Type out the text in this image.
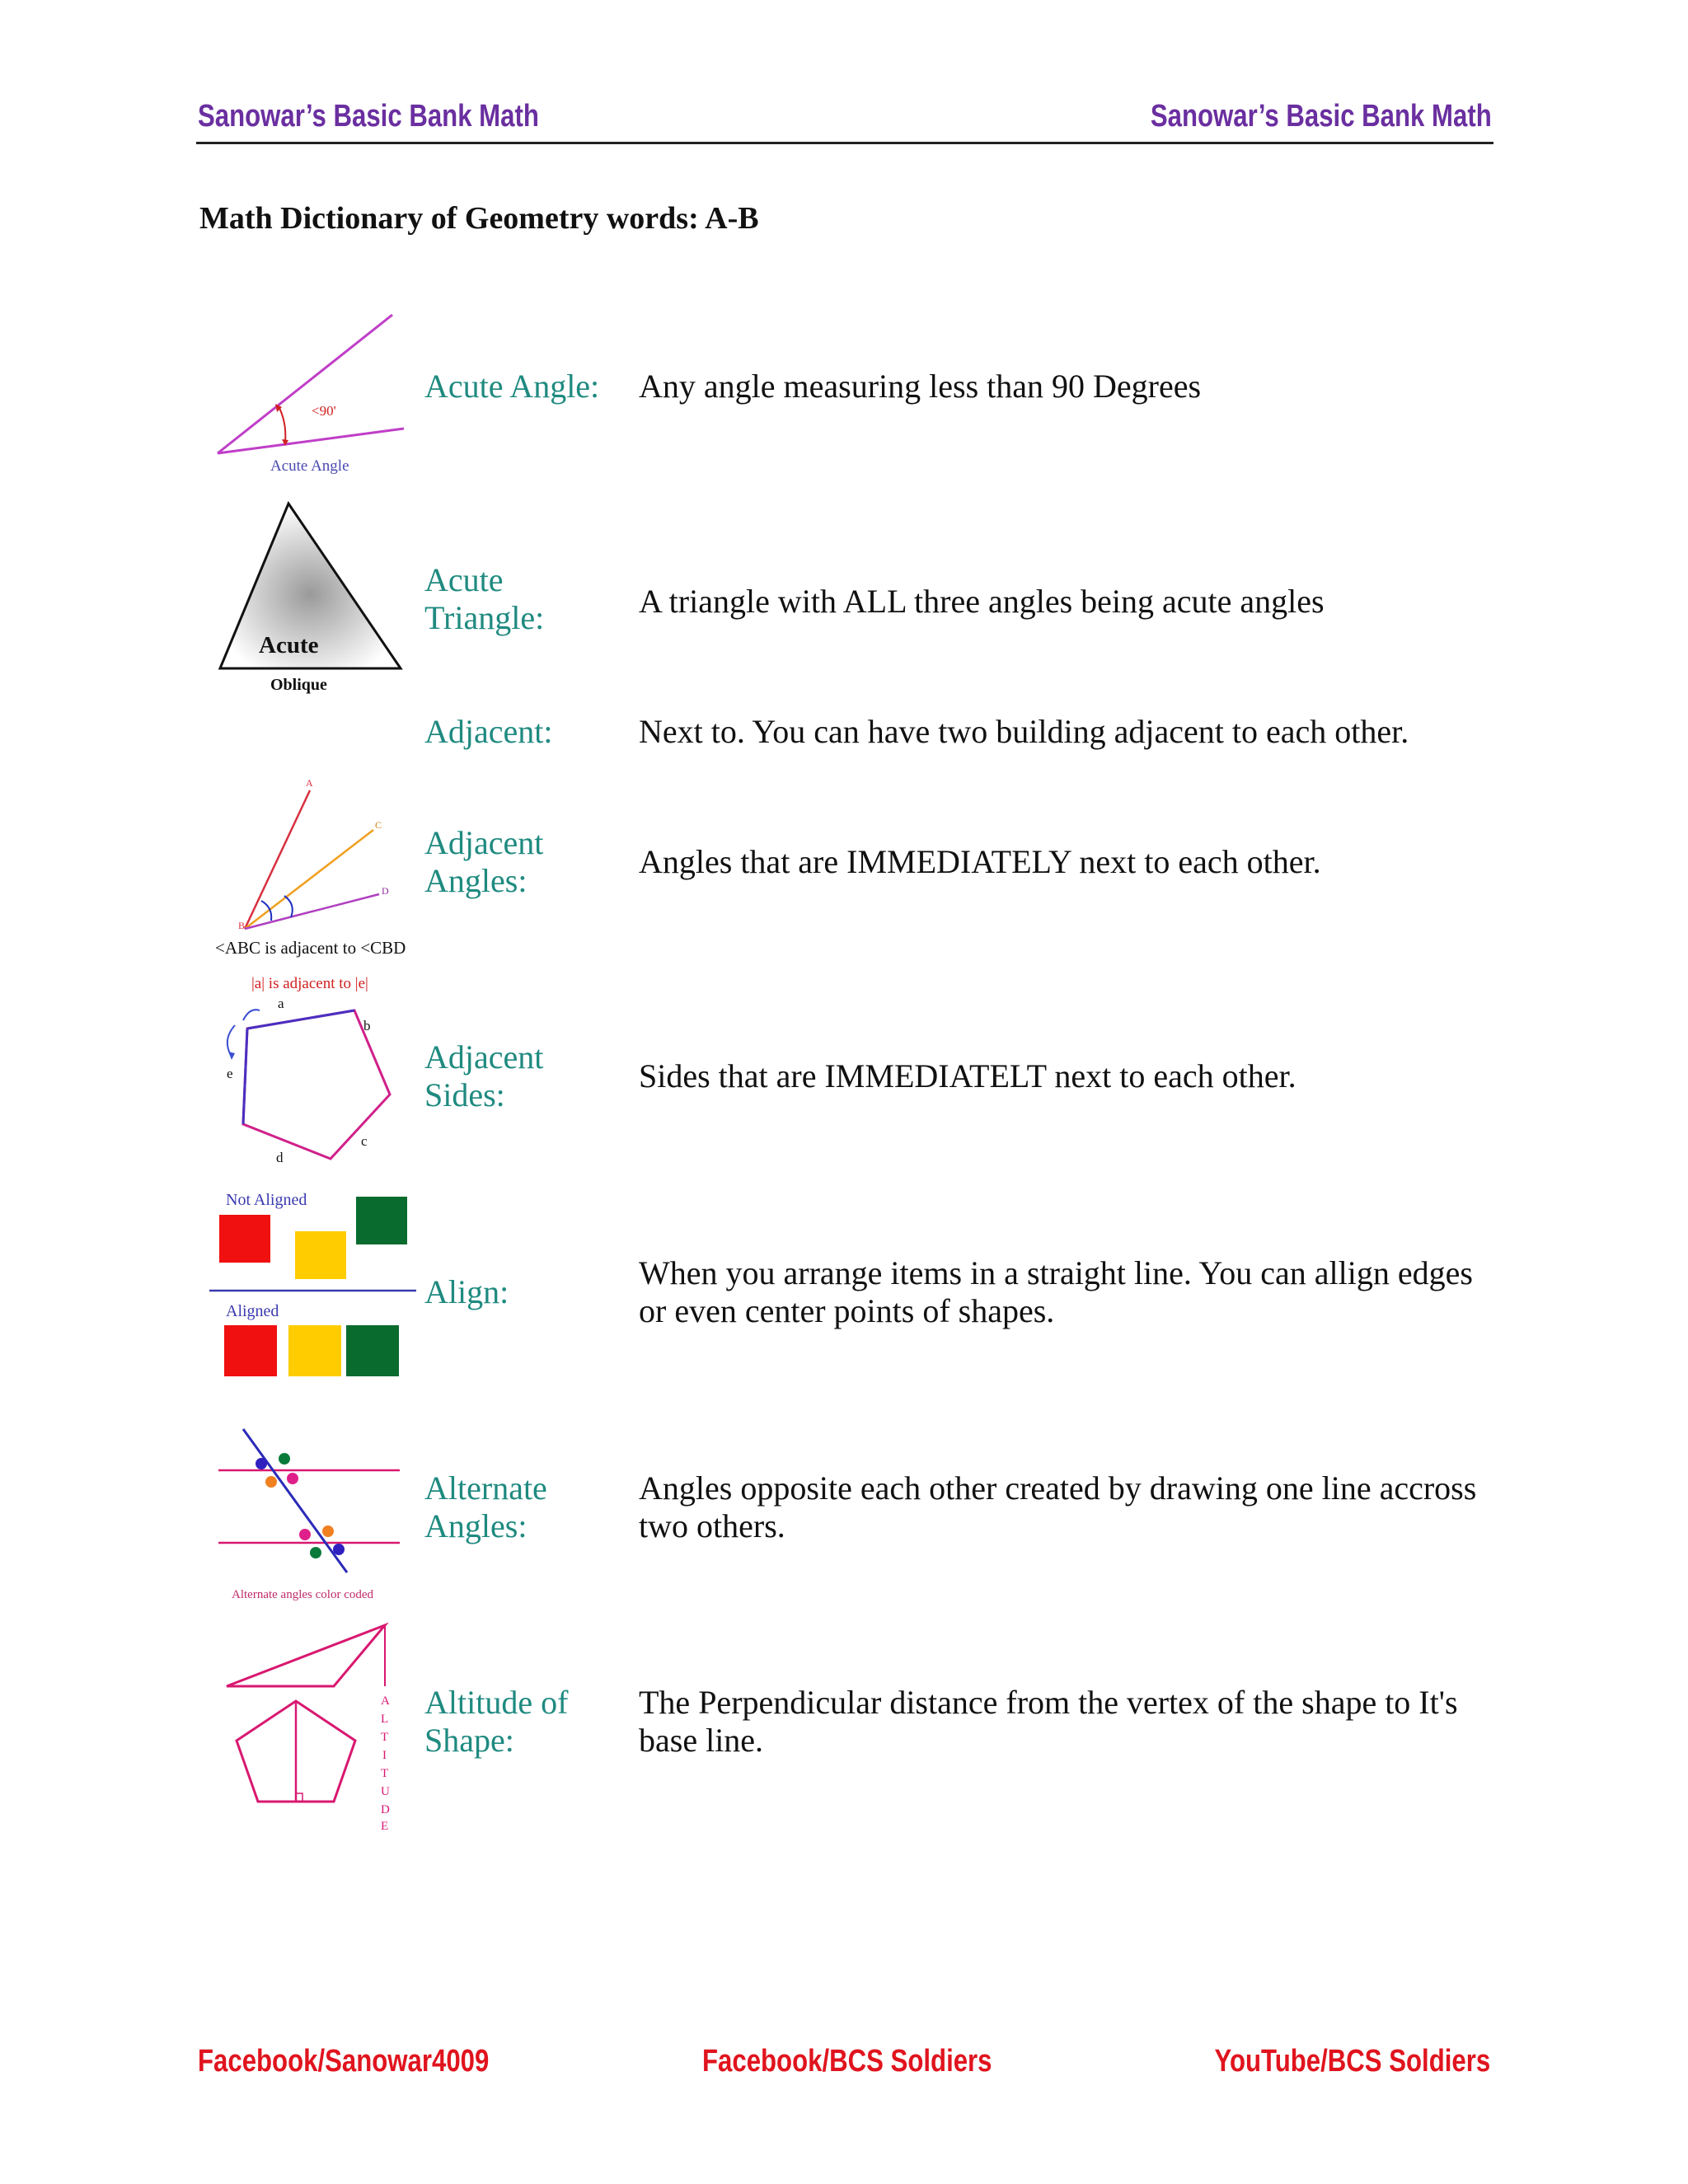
Sanowar’s Basic Bank Math	Sanowar’s Basic Bank Math
Math Dictionary of Geometry words: A-B
<90'
Acute Angle
Acute Angle: Any angle measuring less than 90 Degrees
Acute
Oblique
Acute Triangle:	A triangle with ALL three angles being acute angles
Adjacent:	Next to. You can have two building adjacent to each other.
A
B
C
D
<ABC is adjacent to <CBD
Adjacent Angles:
Angles that are IMMEDIATELY next to each other.
|a| is adjacent to |e|
a
b
c
d
e	Adjacent Sides:
Sides that are IMMEDIATELT next to each other.
Not Aligned
Aligned
Align:
When you arrange items in a straight line. You can allign edges or even center points of shapes.
Alternate angles color coded
Alternate Angles:
Angles opposite each other created by drawing one line accross two others.
A
L
T
I
T
U
D
E
Altitude of Shape:
The Perpendicular distance from the vertex of the shape to It's base line.
Facebook/Sanowar4009	Facebook/BCS Soldiers	YouTube/BCS Soldiers
